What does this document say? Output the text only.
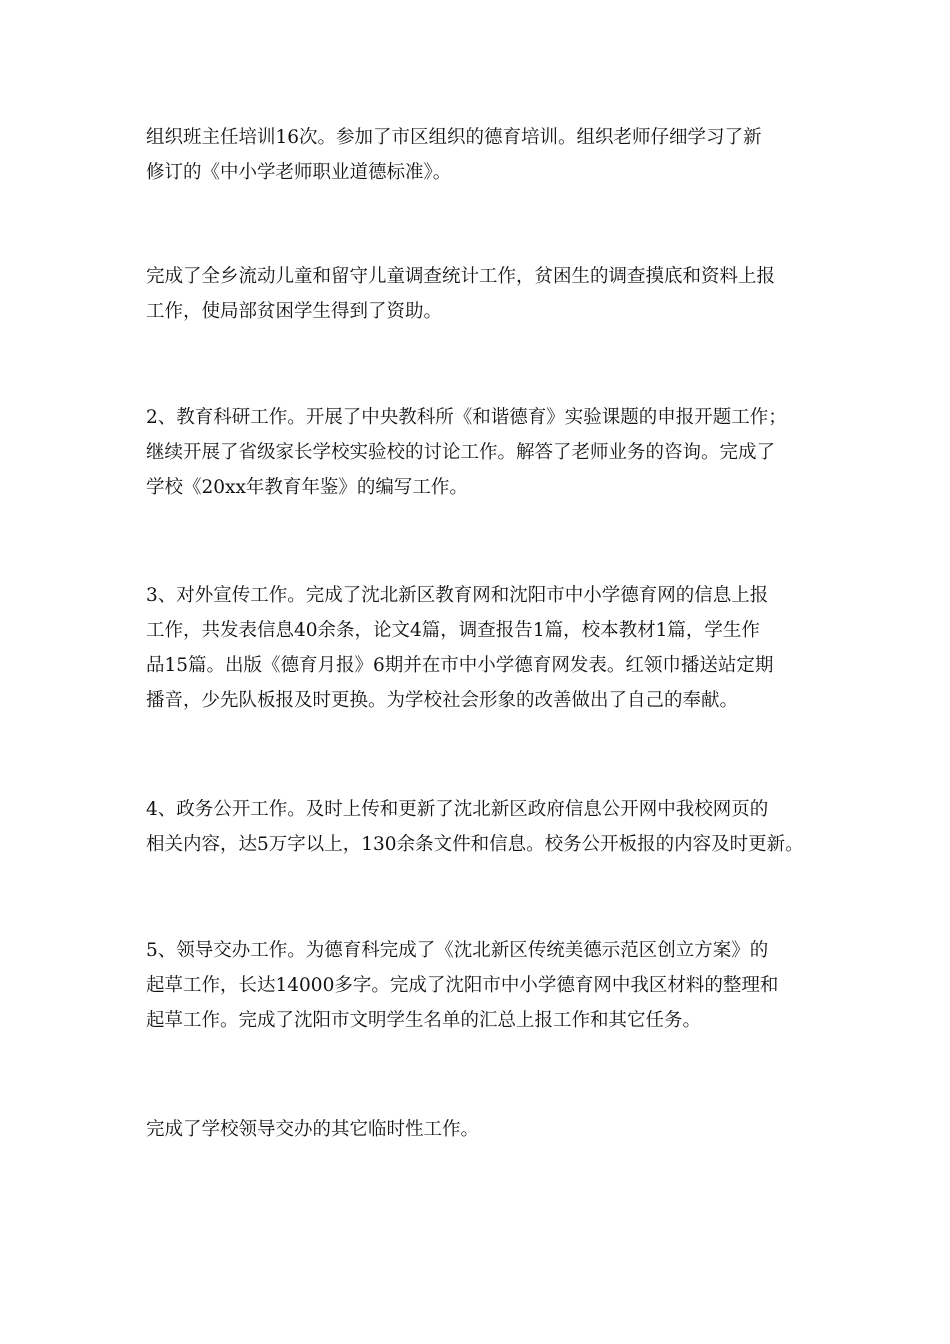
组织班主任培训16次。参加了市区组织的德育培训。组织老师仔细学习了新
修订的《中小学老师职业道德标准》。

完成了全乡流动儿童和留守儿童调查统计工作，贫困生的调查摸底和资料上报
工作，使局部贫困学生得到了资助。

2、教育科研工作。开展了中央教科所《和谐德育》实验课题的申报开题工作；
继续开展了省级家长学校实验校的讨论工作。解答了老师业务的咨询。完成了
学校《20xx年教育年鉴》的编写工作。

3、对外宣传工作。完成了沈北新区教育网和沈阳市中小学德育网的信息上报
工作，共发表信息40余条，论文4篇，调查报告1篇，校本教材1篇，学生作
品15篇。出版《德育月报》6期并在市中小学德育网发表。红领巾播送站定期
播音，少先队板报及时更换。为学校社会形象的改善做出了自己的奉献。

4、政务公开工作。及时上传和更新了沈北新区政府信息公开网中我校网页的
相关内容，达5万字以上，130余条文件和信息。校务公开板报的内容及时更新。

5、领导交办工作。为德育科完成了《沈北新区传统美德示范区创立方案》的
起草工作，长达14000多字。完成了沈阳市中小学德育网中我区材料的整理和
起草工作。完成了沈阳市文明学生名单的汇总上报工作和其它任务。

完成了学校领导交办的其它临时性工作。
